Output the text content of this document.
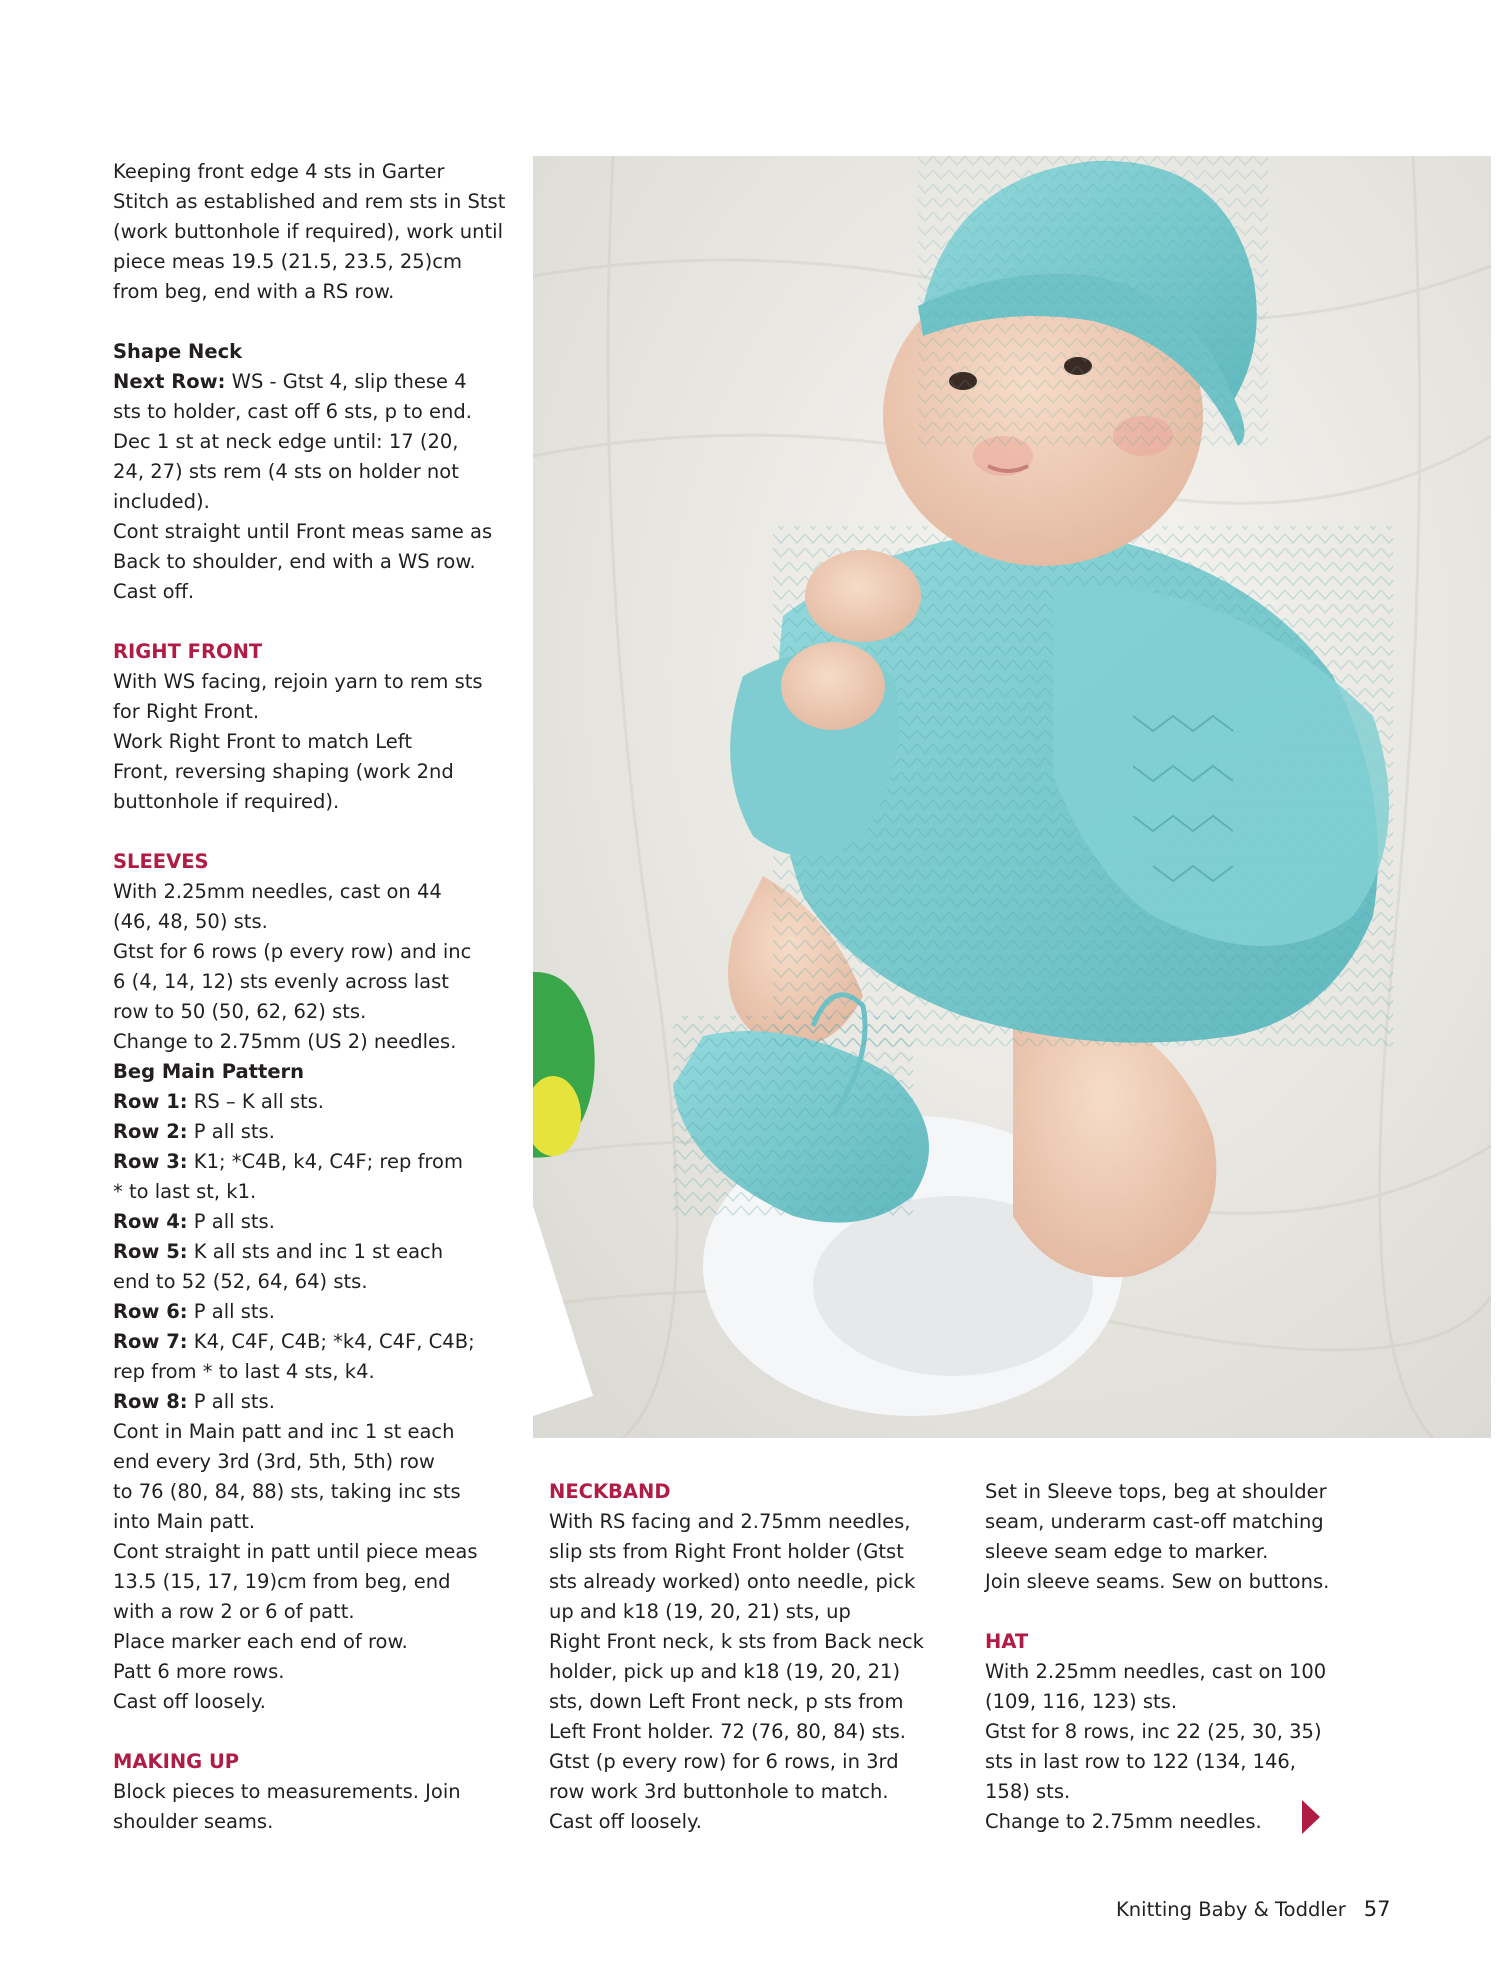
Keeping front edge 4 sts in Garter

Stitch as established and rem sts in Stst

(work buttonhole if required), work until

piece meas 19.5 (21.5, 23.5, 25)cm

from beg, end with a RS row.

Shape Neck

Next Row: WS - Gtst 4, slip these 4

sts to holder, cast off 6 sts, p to end.

Dec 1 st at neck edge until: 17 (20,

24, 27) sts rem (4 sts on holder not

included).

Cont straight until Front meas same as

Back to shoulder, end with a WS row.

Cast off.

RIGHT FRONT

With WS facing, rejoin yarn to rem sts

for Right Front.

Work Right Front to match Left

Front, reversing shaping (work 2nd

buttonhole if required).

SLEEVES

With 2.25mm needles, cast on 44

(46, 48, 50) sts.

Gtst for 6 rows (p every row) and inc

6 (4, 14, 12) sts evenly across last

row to 50 (50, 62, 62) sts.

Change to 2.75mm (US 2) needles.

Beg Main Pattern

Row 1: RS – K all sts.

Row 2: P all sts.

Row 3: K1; *C4B, k4, C4F; rep from

* to last st, k1.

Row 4: P all sts.

Row 5: K all sts and inc 1 st each

end to 52 (52, 64, 64) sts.

Row 6: P all sts.

Row 7: K4, C4F, C4B; *k4, C4F, C4B;

rep from * to last 4 sts, k4.

Row 8: P all sts.

Cont in Main patt and inc 1 st each

end every 3rd (3rd, 5th, 5th) row

to 76 (80, 84, 88) sts, taking inc sts

into Main patt.

Cont straight in patt until piece meas

13.5 (15, 17, 19)cm from beg, end

with a row 2 or 6 of patt.

Place marker each end of row.

Patt 6 more rows.

Cast off loosely.

MAKING UP

Block pieces to measurements. Join

shoulder seams.

NECKBAND

With RS facing and 2.75mm needles,

slip sts from Right Front holder (Gtst

sts already worked) onto needle, pick

up and k18 (19, 20, 21) sts, up

Right Front neck, k sts from Back neck

holder, pick up and k18 (19, 20, 21)

sts, down Left Front neck, p sts from

Left Front holder. 72 (76, 80, 84) sts.

Gtst (p every row) for 6 rows, in 3rd

row work 3rd buttonhole to match.

Cast off loosely.

Set in Sleeve tops, beg at shoulder

seam, underarm cast-off matching

sleeve seam edge to marker.

Join sleeve seams. Sew on buttons.

HAT

With 2.25mm needles, cast on 100

(109, 116, 123) sts.

Gtst for 8 rows, inc 22 (25, 30, 35)

sts in last row to 122 (134, 146,

158) sts.

Change to 2.75mm needles.

Knitting Baby & Toddler 57
